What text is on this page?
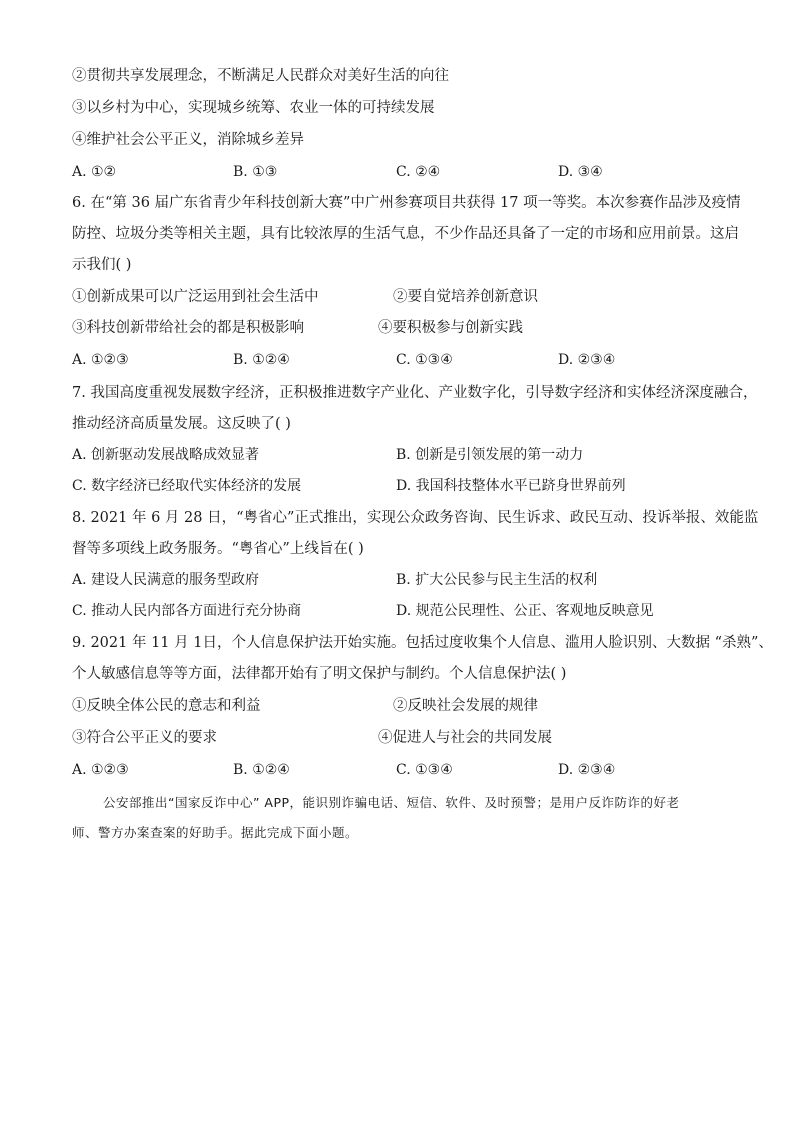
②贯彻共享发展理念，不断满足人民群众对美好生活的向往
③以乡村为中心，实现城乡统筹、农业一体的可持续发展
④维护社会公平正义，消除城乡差异
A. ①②	B. ①③	C. ②④	D. ③④
6. 在“第 36 届广东省青少年科技创新大赛”中广州参赛项目共获得 17 项一等奖。本次参赛作品涉及疫情
防控、垃圾分类等相关主题，具有比较浓厚的生活气息，不少作品还具备了一定的市场和应用前景。这启
示我们( )
①创新成果可以广泛运用到社会生活中	②要自觉培养创新意识
③科技创新带给社会的都是积极影响	④要积极参与创新实践
A. ①②③	B. ①②④	C. ①③④	D. ②③④
7. 我国高度重视发展数字经济，正积极推进数字产业化、产业数字化，引导数字经济和实体经济深度融合，
推动经济高质量发展。这反映了( )
A. 创新驱动发展战略成效显著	B. 创新是引领发展的第一动力
C. 数字经济已经取代实体经济的发展	D. 我国科技整体水平已跻身世界前列
8. 2021 年 6 月 28 日，“粤省心”正式推出，实现公众政务咨询、民生诉求、政民互动、投诉举报、效能监
督等多项线上政务服务。“粤省心”上线旨在( )
A. 建设人民满意的服务型政府	B. 扩大公民参与民主生活的权利
C. 推动人民内部各方面进行充分协商	D. 规范公民理性、公正、客观地反映意见
9. 2021 年 11 月 1日，个人信息保护法开始实施。包括过度收集个人信息、滥用人脸识别、大数据 “杀熟”、
个人敏感信息等等方面，法律都开始有了明文保护与制约。个人信息保护法( )
①反映全体公民的意志和利益	②反映社会发展的规律
③符合公平正义的要求	④促进人与社会的共同发展
A. ①②③	B. ①②④	C. ①③④	D. ②③④
公安部推出“国家反诈中心” APP，能识别诈骗电话、短信、软件、及时预警；是用户反诈防诈的好老
师、警方办案查案的好助手。据此完成下面小题。
